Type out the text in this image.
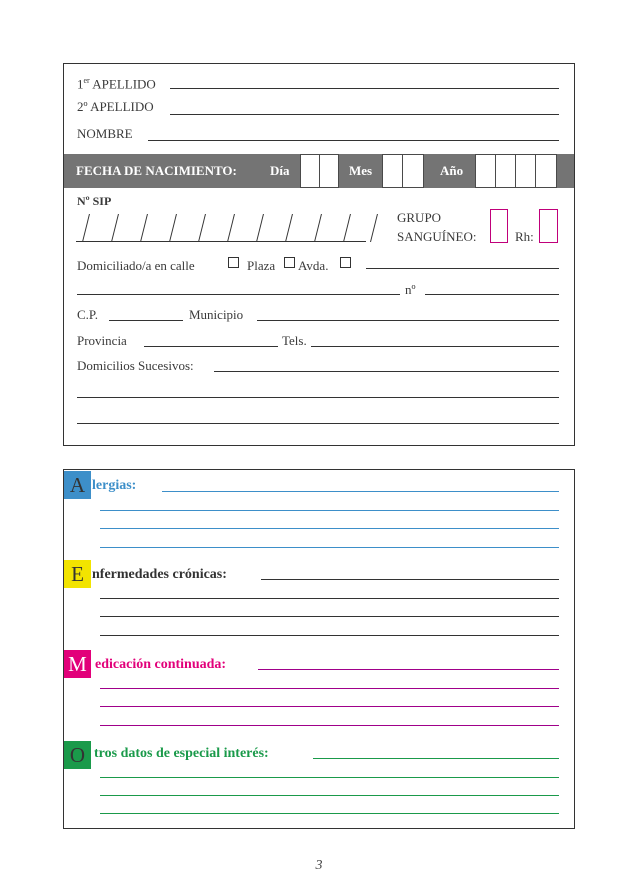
1er APELLIDO
2º APELLIDO
NOMBRE
FECHA DE NACIMIENTO:	Día	Mes	Año
Nº SIP
GRUPO
SANGUÍNEO:	Rh:
Domiciliado/a en calle	Plaza Avda.
nº
C.P.	Municipio
Provincia	Tels.
Domicilios Sucesivos:
A lergias:
E nfermedades crónicas:
M edicación continuada:
O tros datos de especial interés:
3
